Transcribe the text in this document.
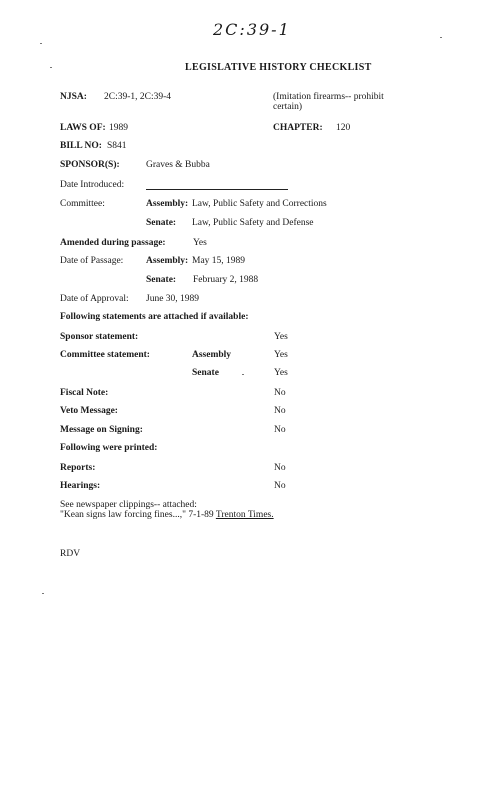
2C:39-1
LEGISLATIVE HISTORY CHECKLIST
NJSA: 2C:39-1, 2C:39-4	(Imitation firearms-- prohibit
certain)
LAWS OF: 1989	CHAPTER: 120
BILL NO: S841
SPONSOR(S):	Graves & Bubba
Date Introduced:
Committee:	Assembly: Law, Public Safety and Corrections
Senate: Law, Public Safety and Defense
Amended during passage:	Yes
Date of Passage: Assembly: May 15, 1989
Senate: February 2, 1988
Date of Approval: June 30, 1989
Following statements are attached if available:
Sponsor statement:	Yes
Committee statement:	Assembly	Yes
Senate	Yes
Fiscal Note:	No
Veto Message:	No
Message on Signing:	No
Following were printed:
Reports:	No
Hearings:	No
See newspaper clippings-- attached:
"Kean signs law forcing fines...," 7-1-89 Trenton Times.
RDV
